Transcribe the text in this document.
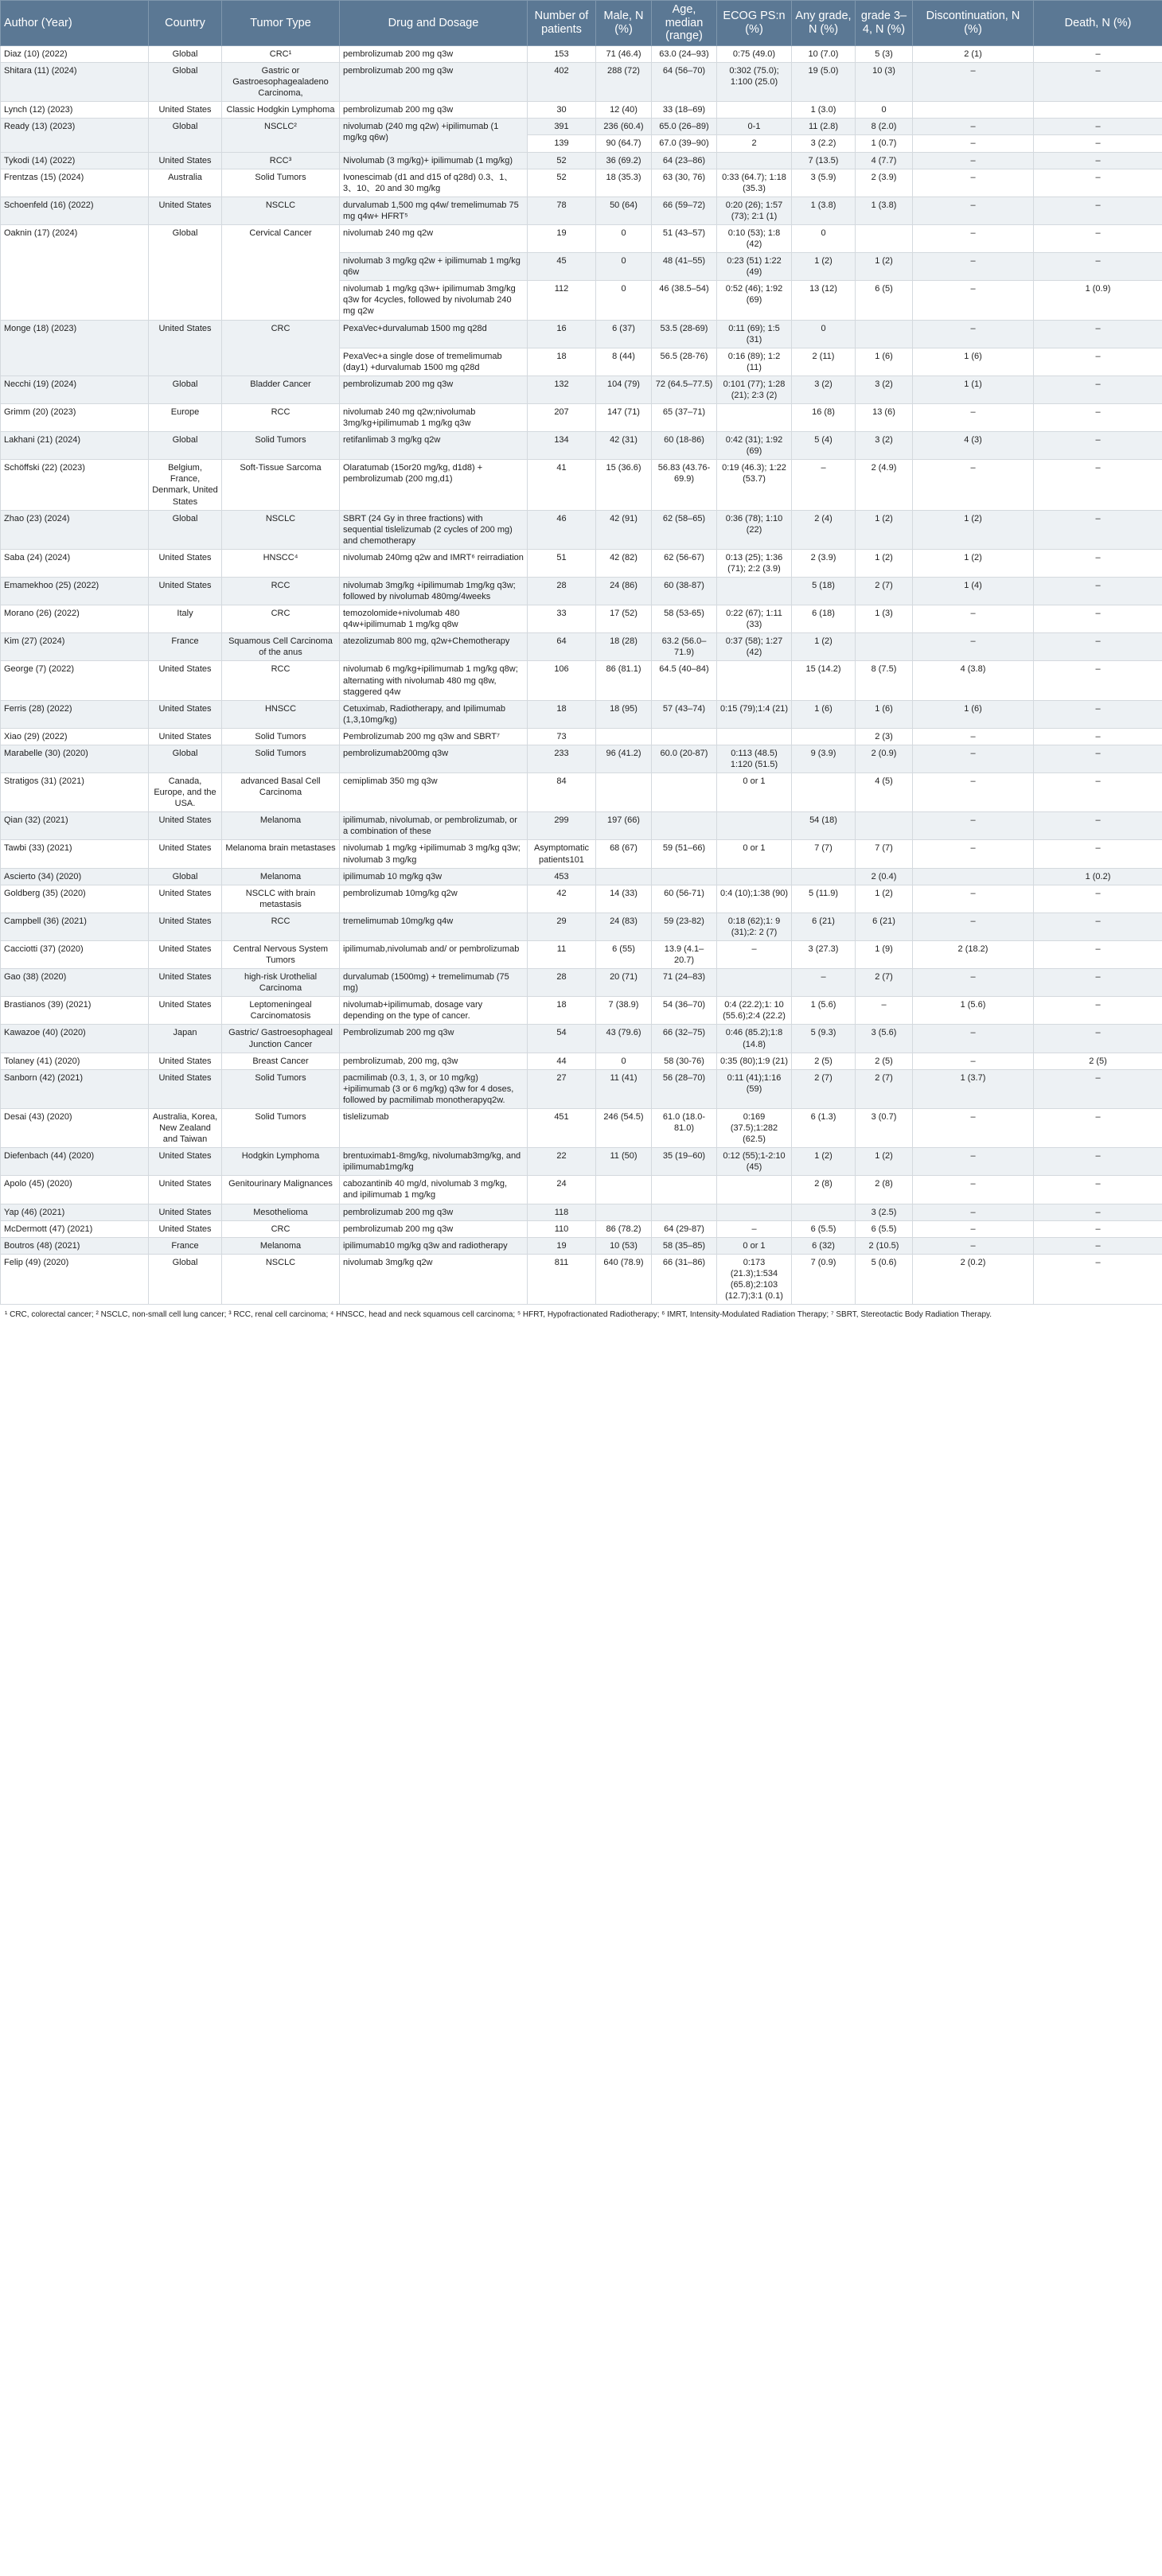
Author (Year)	Country	Tumor Type	Drug and Dosage	Number of patients	Male, N (%)	Age, median (range)	ECOG PS:n (%)	Any grade, N (%)	grade 3–4, N (%)	Discontinuation, N (%)	Death, N (%)
Diaz (10) (2022)	Global	CRC¹	pembrolizumab 200 mg q3w	153	71 (46.4)	63.0 (24–93)	0:75 (49.0)	10 (7.0)	5 (3)	2 (1)	–
Shitara (11) (2024)	Global	Gastric or Gastroesophagealadeno Carcinoma,	pembrolizumab 200 mg q3w	402	288 (72)	64 (56–70)	0:302 (75.0); 1:100 (25.0)	19 (5.0)	10 (3)	–	–
Lynch (12) (2023)	United States	Classic Hodgkin Lymphoma	pembrolizumab 200 mg q3w	30	12 (40)	33 (18–69)		1 (3.0)	0		
Ready (13) (2023)	Global	NSCLC²	nivolumab (240 mg q2w) +ipilimumab (1 mg/kg q6w)	391	236 (60.4)	65.0 (26–89)	0-1	11 (2.8)	8 (2.0)	–	–
				139	90 (64.7)	67.0 (39–90)	2	3 (2.2)	1 (0.7)	–	–
Tykodi (14) (2022)	United States	RCC³	Nivolumab (3 mg/kg)+ ipilimumab (1 mg/kg)	52	36 (69.2)	64 (23–86)		7 (13.5)	4 (7.7)	–	–
Frentzas (15) (2024)	Australia	Solid Tumors	Ivonescimab (d1 and d15 of q28d) 0.3、1、3、10、20 and 30 mg/kg	52	18 (35.3)	63 (30, 76)	0:33 (64.7); 1:18 (35.3)	3 (5.9)	2 (3.9)	–	–
Schoenfeld (16) (2022)	United States	NSCLC	durvalumab 1,500 mg q4w/ tremelimumab 75 mg q4w+ HFRT⁵	78	50 (64)	66 (59–72)	0:20 (26); 1:57 (73); 2:1 (1)	1 (3.8)	1 (3.8)	–	–
Oaknin (17) (2024)	Global	Cervical Cancer	nivolumab 240 mg q2w	19	0	51 (43–57)	0:10 (53); 1:8 (42)	0		–	–
			nivolumab 3 mg/kg q2w + ipilimumab 1 mg/kg q6w	45	0	48 (41–55)	0:23 (51) 1:22 (49)	1 (2)	1 (2)	–	–
			nivolumab 1 mg/kg q3w+ ipilimumab 3mg/kg q3w for 4cycles, followed by nivolumab 240 mg q2w	112	0	46 (38.5–54)	0:52 (46); 1:92 (69)	13 (12)	6 (5)	–	1 (0.9)
Monge (18) (2023)	United States	CRC	PexaVec+durvalumab 1500 mg q28d	16	6 (37)	53.5 (28-69)	0:11 (69); 1:5 (31)	0		–	–
			PexaVec+a single dose of tremelimumab (day1) +durvalumab 1500 mg q28d	18	8 (44)	56.5 (28-76)	0:16 (89); 1:2 (11)	2 (11)	1 (6)	1 (6)	–
Necchi (19) (2024)	Global	Bladder Cancer	pembrolizumab 200 mg q3w	132	104 (79)	72 (64.5–77.5)	0:101 (77); 1:28 (21); 2:3 (2)	3 (2)	3 (2)	1 (1)	–
Grimm (20) (2023)	Europe	RCC	nivolumab 240 mg q2w;nivolumab 3mg/kg+ipilimumab 1 mg/kg q3w	207	147 (71)	65 (37–71)		16 (8)	13 (6)	–	–
Lakhani (21) (2024)	Global	Solid Tumors	retifanlimab 3 mg/kg q2w	134	42 (31)	60 (18-86)	0:42 (31); 1:92 (69)	5 (4)	3 (2)	4 (3)	–
Schöffski (22) (2023)	Belgium, France, Denmark, United States	Soft-Tissue Sarcoma	Olaratumab (15or20 mg/kg, d1d8) + pembrolizumab (200 mg,d1)	41	15 (36.6)	56.83 (43.76-69.9)	0:19 (46.3); 1:22 (53.7)	–	2 (4.9)	–	–
Zhao (23) (2024)	Global	NSCLC	SBRT (24 Gy in three fractions) with sequential tislelizumab (2 cycles of 200 mg) and chemotherapy	46	42 (91)	62 (58–65)	0:36 (78); 1:10 (22)	2 (4)	1 (2)	1 (2)	–
Saba (24) (2024)	United States	HNSCC⁴	nivolumab 240mg q2w and IMRT⁶ reirradiation	51	42 (82)	62 (56-67)	0:13 (25); 1:36 (71); 2:2 (3.9)	2 (3.9)	1 (2)	1 (2)	–
Emamekhoo (25) (2022)	United States	RCC	nivolumab 3mg/kg +ipilimumab 1mg/kg q3w; followed by nivolumab 480mg/4weeks	28	24 (86)	60 (38-87)		5 (18)	2 (7)	1 (4)	–
Morano (26) (2022)	Italy	CRC	temozolomide+nivolumab 480 q4w+ipilimumab 1 mg/kg q8w	33	17 (52)	58 (53-65)	0:22 (67); 1:11 (33)	6 (18)	1 (3)	–	–
Kim (27) (2024)	France	Squamous Cell Carcinoma of the anus	atezolizumab 800 mg, q2w+Chemotherapy	64	18 (28)	63.2 (56.0–71.9)	0:37 (58); 1:27 (42)	1 (2)		–	–
George (7) (2022)	United States	RCC	nivolumab 6 mg/kg+ipilimumab 1 mg/kg q8w; alternating with nivolumab 480 mg q8w, staggered q4w	106	86 (81.1)	64.5 (40–84)		15 (14.2)	8 (7.5)	4 (3.8)	–
Ferris (28) (2022)	United States	HNSCC	Cetuximab, Radiotherapy, and Ipilimumab (1,3,10mg/kg)	18	18 (95)	57 (43–74)	0:15 (79);1:4 (21)	1 (6)	1 (6)	1 (6)	–
Xiao (29) (2022)	United States	Solid Tumors	Pembrolizumab 200 mg q3w and SBRT⁷	73					2 (3)	–	–
Marabelle (30) (2020)	Global	Solid Tumors	pembrolizumab200mg q3w	233	96 (41.2)	60.0 (20-87)	0:113 (48.5) 1:120 (51.5)	9 (3.9)	2 (0.9)	–	–
Stratigos (31) (2021)	Canada, Europe, and the USA.	advanced Basal Cell Carcinoma	cemiplimab 350 mg q3w	84			0 or 1		4 (5)	–	–
Qian (32) (2021)	United States	Melanoma	ipilimumab, nivolumab, or pembrolizumab, or a combination of these	299	197 (66)			54 (18)		–	–
Tawbi (33) (2021)	United States	Melanoma brain metastases	nivolumab 1 mg/kg +ipilimumab 3 mg/kg q3w; nivolumab 3 mg/kg	Asymptomatic patients101	68 (67)	59 (51–66)	0 or 1	7 (7)	7 (7)	–	–
Ascierto (34) (2020)	Global	Melanoma	ipilimumab 10 mg/kg q3w	453					2 (0.4)		1 (0.2)
Goldberg (35) (2020)	United States	NSCLC with brain metastasis	pembrolizumab 10mg/kg q2w	42	14 (33)	60 (56-71)	0:4 (10);1:38 (90)	5 (11.9)	1 (2)	–	–
Campbell (36) (2021)	United States	RCC	tremelimumab 10mg/kg q4w	29	24 (83)	59 (23-82)	0:18 (62);1: 9 (31);2: 2 (7)	6 (21)	6 (21)	–	–
Cacciotti (37) (2020)	United States	Central Nervous System Tumors	ipilimumab,nivolumab and/ or pembrolizumab	11	6 (55)	13.9 (4.1–20.7)	–	3 (27.3)	1 (9)	2 (18.2)	–
Gao (38) (2020)	United States	high-risk Urothelial Carcinoma	durvalumab (1500mg) + tremelimumab (75 mg)	28	20 (71)	71 (24–83)		–	2 (7)	–	–
Brastianos (39) (2021)	United States	Leptomeningeal Carcinomatosis	nivolumab+ipilimumab, dosage vary depending on the type of cancer.	18	7 (38.9)	54 (36–70)	0:4 (22.2);1: 10 (55.6);2:4 (22.2)	1 (5.6)	–	1 (5.6)	–
Kawazoe (40) (2020)	Japan	Gastric/ Gastroesophageal Junction Cancer	Pembrolizumab 200 mg q3w	54	43 (79.6)	66 (32–75)	0:46 (85.2);1:8 (14.8)	5 (9.3)	3 (5.6)	–	–
Tolaney (41) (2020)	United States	Breast Cancer	pembrolizumab, 200 mg, q3w	44	0	58 (30-76)	0:35 (80);1:9 (21)	2 (5)	2 (5)	–	2 (5)
Sanborn (42) (2021)	United States	Solid Tumors	pacmilimab (0.3, 1, 3, or 10 mg/kg) +ipilimumab (3 or 6 mg/kg) q3w for 4 doses, followed by pacmilimab monotherapyq2w.	27	11 (41)	56 (28–70)	0:11 (41);1:16 (59)	2 (7)	2 (7)	1 (3.7)	–
Desai (43) (2020)	Australia, Korea, New Zealand and Taiwan	Solid Tumors	tislelizumab	451	246 (54.5)	61.0 (18.0- 81.0)	0:169 (37.5);1:282 (62.5)	6 (1.3)	3 (0.7)	–	–
Diefenbach (44) (2020)	United States	Hodgkin Lymphoma	brentuximab1-8mg/kg, nivolumab3mg/kg, and ipilimumab1mg/kg	22	11 (50)	35 (19–60)	0:12 (55);1-2:10 (45)	1 (2)	1 (2)	–	–
Apolo (45) (2020)	United States	Genitourinary Malignances	cabozantinib 40 mg/d, nivolumab 3 mg/kg, and ipilimumab 1 mg/kg	24				2 (8)	2 (8)	–	–
Yap (46) (2021)	United States	Mesothelioma	pembrolizumab 200 mg q3w	118					3 (2.5)	–	–
McDermott (47) (2021)	United States	CRC	pembrolizumab 200 mg q3w	110	86 (78.2)	64 (29-87)	–	6 (5.5)	6 (5.5)	–	–
Boutros (48) (2021)	France	Melanoma	ipilimumab10 mg/kg q3w and radiotherapy	19	10 (53)	58 (35–85)	0 or 1	6 (32)	2 (10.5)	–	–
Felip (49) (2020)	Global	NSCLC	nivolumab 3mg/kg q2w	811	640 (78.9)	66 (31–86)	0:173 (21.3);1:534 (65.8);2:103 (12.7);3:1 (0.1)	7 (0.9)	5 (0.6)	2 (0.2)	–
¹ CRC, colorectal cancer; ² NSCLC, non-small cell lung cancer; ³ RCC, renal cell carcinoma; ⁴ HNSCC, head and neck squamous cell carcinoma; ⁵ HFRT, Hypofractionated Radiotherapy; ⁶ IMRT, Intensity-Modulated Radiation Therapy; ⁷ SBRT, Stereotactic Body Radiation Therapy.
